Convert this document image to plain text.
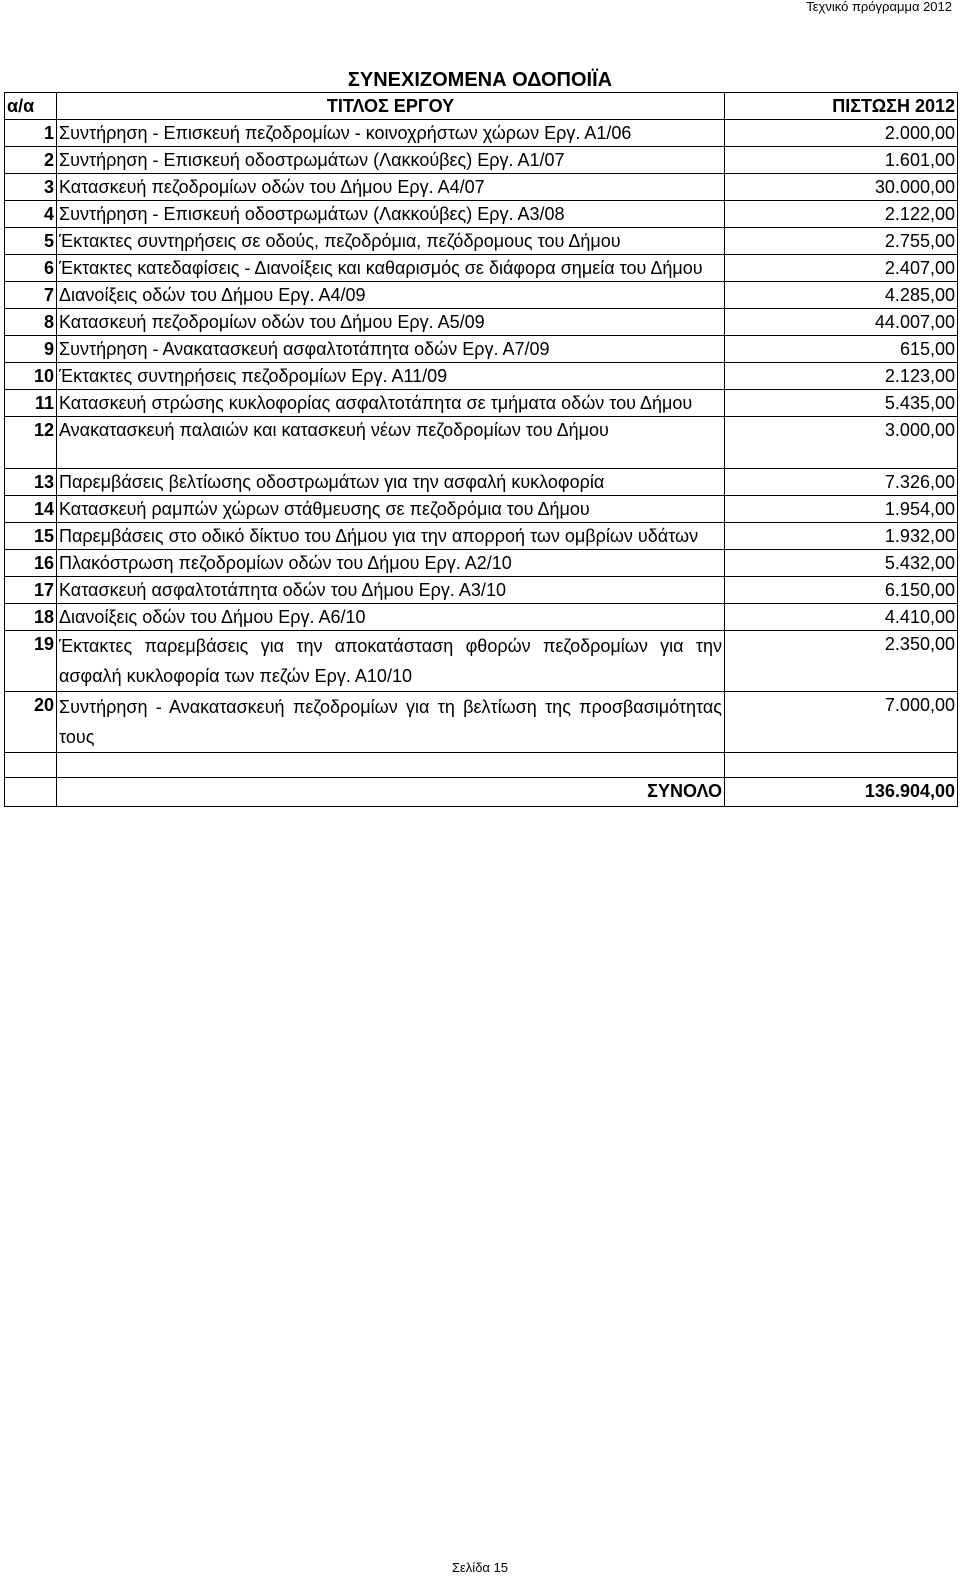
Τεχνικό πρόγραμμα 2012
ΣΥΝΕΧΙΖΟΜΕΝΑ ΟΔΟΠΟΙΪΑ
α/α	ΤΙΤΛΟΣ ΕΡΓΟΥ	ΠΙΣΤΩΣΗ 2012
1	Συντήρηση - Επισκευή πεζοδρομίων - κοινοχρήστων χώρων Εργ. Α1/06	2.000,00
2	Συντήρηση - Επισκευή οδοστρωμάτων (Λακκούβες) Εργ. Α1/07	1.601,00
3	Κατασκευή πεζοδρομίων οδών του Δήμου Εργ. Α4/07	30.000,00
4	Συντήρηση - Επισκευή οδοστρωμάτων (Λακκούβες) Εργ. Α3/08	2.122,00
5	Έκτακτες συντηρήσεις σε οδούς, πεζοδρόμια, πεζόδρομους του Δήμου	2.755,00
6	Έκτακτες κατεδαφίσεις - Διανοίξεις και καθαρισμός σε διάφορα σημεία του Δήμου	2.407,00
7	Διανοίξεις οδών του Δήμου Εργ. Α4/09	4.285,00
8	Κατασκευή πεζοδρομίων οδών του Δήμου Εργ. Α5/09	44.007,00
9	Συντήρηση - Ανακατασκευή ασφαλτοτάπητα οδών Εργ. Α7/09	615,00
10	Έκτακτες συντηρήσεις πεζοδρομίων Εργ. Α11/09	2.123,00
11	Κατασκευή στρώσης κυκλοφορίας ασφαλτοτάπητα σε τμήματα οδών του Δήμου	5.435,00
12	Ανακατασκευή παλαιών και κατασκευή νέων πεζοδρομίων του Δήμου	3.000,00
13	Παρεμβάσεις βελτίωσης οδοστρωμάτων για την ασφαλή κυκλοφορία	7.326,00
14	Κατασκευή ραμπών χώρων στάθμευσης σε πεζοδρόμια του Δήμου	1.954,00
15	Παρεμβάσεις στο οδικό δίκτυο του Δήμου για την απορροή των ομβρίων υδάτων	1.932,00
16	Πλακόστρωση πεζοδρομίων οδών του Δήμου Εργ. Α2/10	5.432,00
17	Κατασκευή ασφαλτοτάπητα οδών του Δήμου Εργ. Α3/10	6.150,00
18	Διανοίξεις οδών του Δήμου Εργ. Α6/10	4.410,00
19	Έκτακτες παρεμβάσεις για την αποκατάσταση φθορών πεζοδρομίων για την ασφαλή κυκλοφορία των πεζών Εργ. Α10/10	2.350,00
20	Συντήρηση - Ανακατασκευή πεζοδρομίων για τη βελτίωση της προσβασιμότητας τους	7.000,00

	ΣΥΝΟΛΟ	136.904,00
Σελίδα 15
